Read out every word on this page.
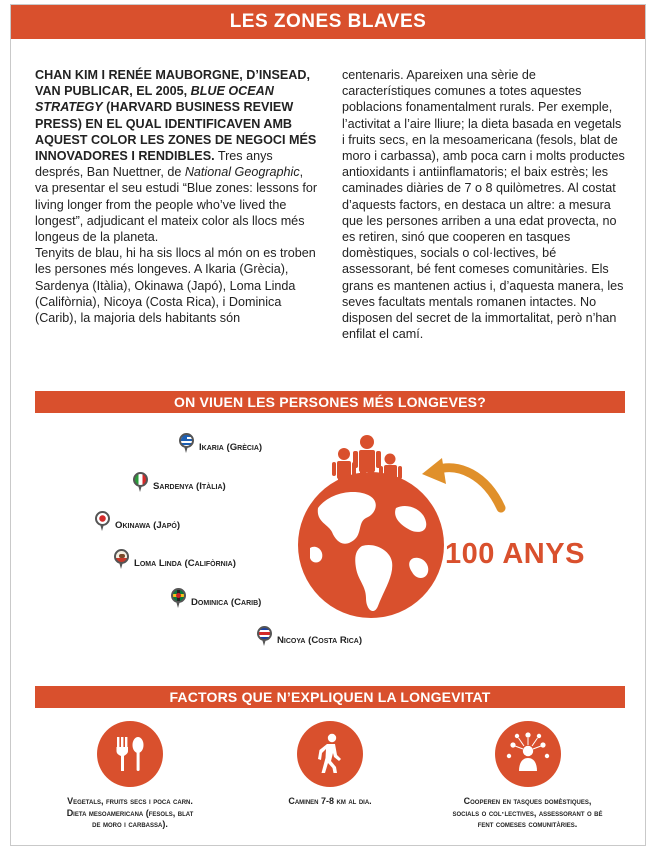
LES ZONES BLAVES

CHAN KIM I RENÉE MAUBORGNE, D’INSEAD, VAN PUBLICAR, EL 2005, BLUE OCEAN STRATEGY (HARVARD BUSINESS REVIEW PRESS) EN EL QUAL IDENTIFICAVEN AMB AQUEST COLOR LES ZONES DE NEGOCI MÉS INNOVADORES I RENDIBLES. Tres anys després, Ban Nuettner, de National Geographic, va presentar el seu estudi “Blue zones: lessons for living longer from the people who’ve lived the longest”, adjudicant el mateix color als llocs més longeus de la planeta.

Tenyits de blau, hi ha sis llocs al món on es troben les persones més longeves. A Ikaria (Grècia), Sardenya (Itàlia), Okinawa (Japó), Loma Linda (Califòrnia), Nicoya (Costa Rica), i Dominica (Carib), la majoria dels habitants són

centenaris. Apareixen una sèrie de característiques comunes a totes aquestes poblacions fonamentalment rurals. Per exemple, l’activitat a l’aire lliure; la dieta basada en vegetals i fruits secs, en la mesoamericana (fesols, blat de moro i carbassa), amb poca carn i molts productes antioxidants i antiinflamatoris; el baix estrès; les caminades diàries de 7 o 8 quilòmetres. Al costat d’aquests factors, en destaca un altre: a mesura que les persones arriben a una edat provecta, no es retiren, sinó que cooperen en tasques domèstiques, socials o col·lectives, bé assessorant, bé fent comeses comunitàries. Els grans es mantenen actius i, d’aquesta manera, les seves facultats mentals romanen intactes. No disposen del secret de la immortalitat, però n’han enfilat el camí.

ON VIUEN LES PERSONES MÉS LONGEVES?
Ikaria (Grècia)
Sardenya (Itàlia)
Okinawa (Japó)
Loma Linda (Califòrnia)
Dominica (Carib)
Nicoya (Costa Rica)
100 ANYS
FACTORS QUE N’EXPLIQUEN LA LONGEVITAT
Vegetals, fruits secs i poca carn.
Dieta mesoamericana (fesols, blat
de moro i carbassa).
Caminen 7-8 km al dia.	Cooperen en tasques domèstiques,
socials o col·lectives, assessorant o bé
fent comeses comunitàries.
